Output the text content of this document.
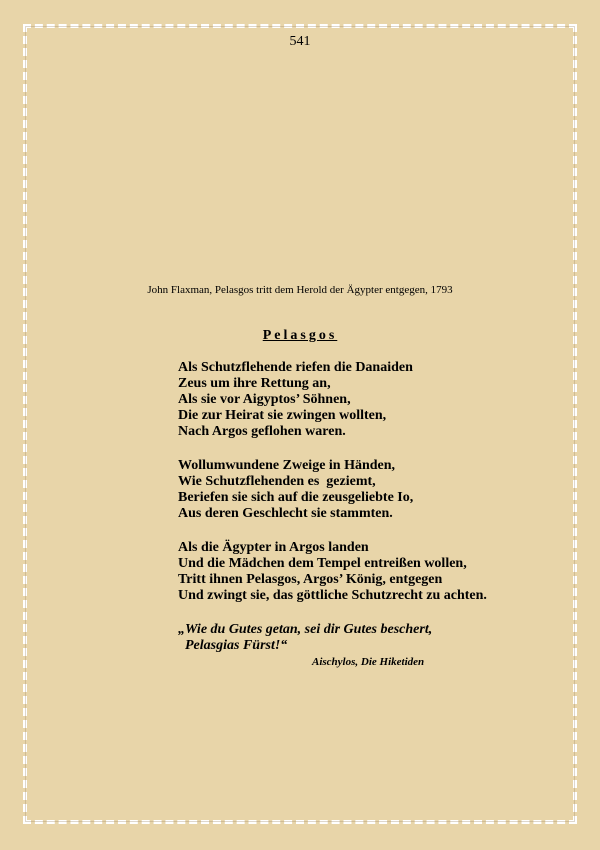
541
John Flaxman, Pelasgos tritt dem Herold der Ägypter entgegen, 1793
Pelasgos
Als Schutzflehende riefen die Danaiden
Zeus um ihre Rettung an,
Als sie vor Aigyptos’ Söhnen,
Die zur Heirat sie zwingen wollten,
Nach Argos geflohen waren.
Wollumwundene Zweige in Händen,
Wie Schutzflehenden es  geziemt,
Beriefen sie sich auf die zeusgeliebte Io,
Aus deren Geschlecht sie stammten.
Als die Ägypter in Argos landen
Und die Mädchen dem Tempel entreißen wollen,
Tritt ihnen Pelasgos, Argos’ König, entgegen
Und zwingt sie, das göttliche Schutzrecht zu achten.
„Wie du Gutes getan, sei dir Gutes beschert,
Pelasgias Fürst!“
Aischylos, Die Hiketiden
